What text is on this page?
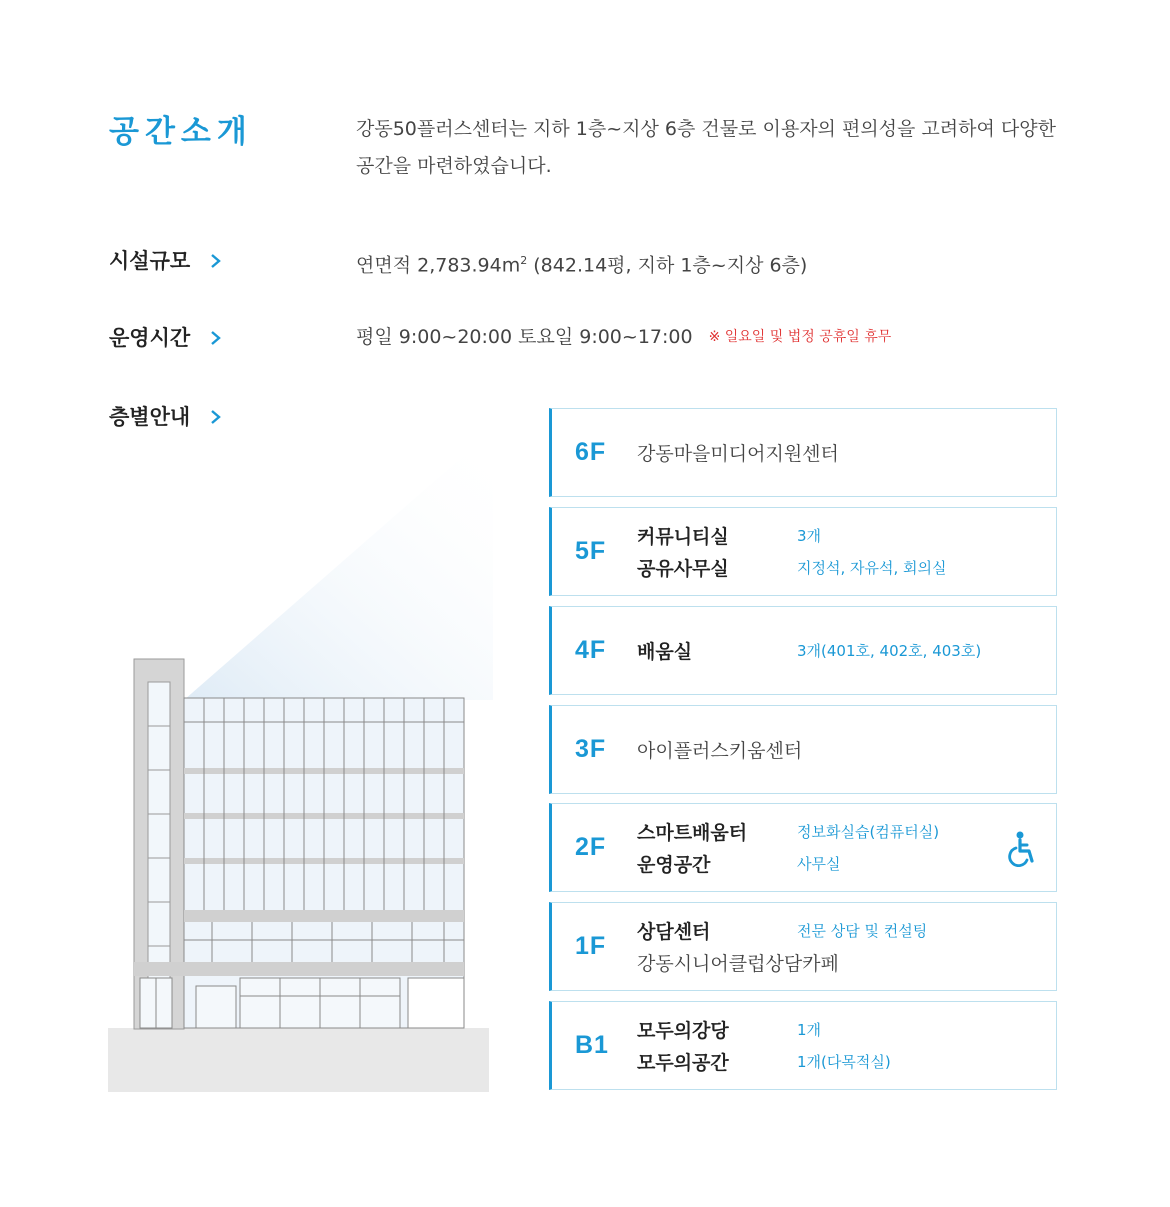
공간소개	강동50플러스센터는 지하 1층~지상 6층 건물로 이용자의 편의성을 고려하여 다양한 공간을 마련하였습니다.
시설규모	연면적 $2,783.94m^2$ (842.14평, 지하 1층~지상 6층)
운영시간	평일 9:00~20:00 토요일 9:00~17:00 ※ 일요일 및 법정 공휴일 휴무
층별안내
6F 강동마을미디어지원센터
5F 커뮤니티실	3개
공유사무실	지정석, 자유석, 회의실
4F 배움실	3개(401호, 402호, 403호)
3F 아이플러스키움센터
2F 스마트배움터	정보화실습(컴퓨터실)
운영공간	사무실
1F 상담센터	전문 상담 및 컨설팅
강동시니어클럽상담카페
B1 모두의강당	1개
모두의공간	1개(다목적실)
